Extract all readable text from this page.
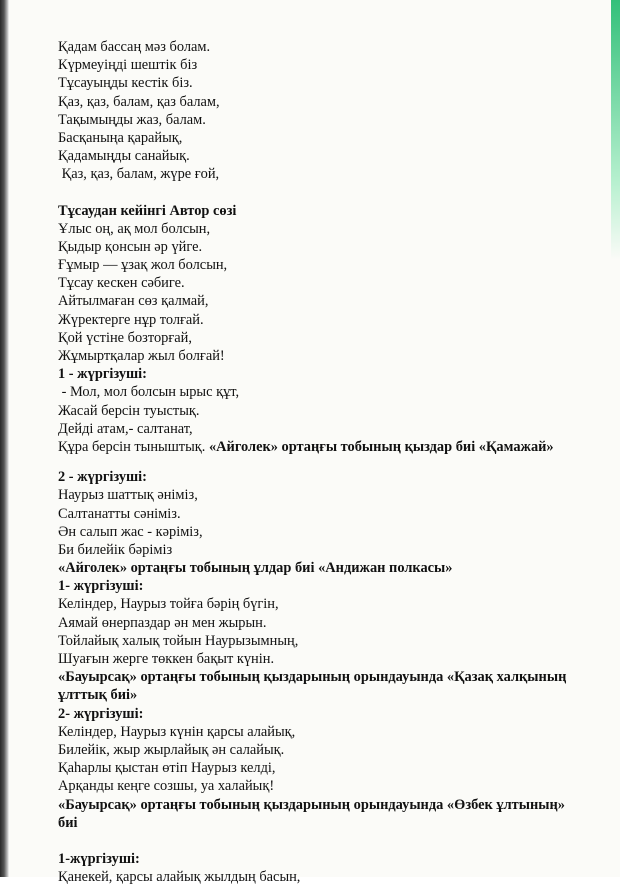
Қадам бассаң мәз болам.
Күрмеуіңді шештік біз
Тұсауыңды кестік біз.
Қаз, қаз, балам, қаз балам,
Тақымыңды жаз, балам.
Басқаныңа қарайық,
Қадамыңды санайық.
Қаз, қаз, балам, жүре ғой,
Тұсаудан кейінгі Автор сөзі
Ұлыс оң, ақ мол болсын,
Қыдыр қонсын әр үйге.
Ғұмыр — ұзақ жол болсын,
Тұсау кескен сәбиге.
Айтылмаған сөз қалмай,
Жүректерге нұр толғай.
Қой үстіне бозторғай,
Жұмыртқалар жыл болғай!
1 - жүргізуші:
- Мол, мол болсын ырыс құт,
Жасай берсін туыстық.
Дейді атам,- салтанат,
Құра берсін тыныштық. «Айголек» ортаңғы тобының қыздар биі «Қамажай»
2 - жүргізуші:
Наурыз шаттық әніміз,
Салтанатты сәніміз.
Ән салып жас - кәріміз,
Би билейік бәріміз
«Айголек» ортаңғы тобының ұлдар биі «Андижан полкасы»
1- жүргізуші:
Келіндер, Наурыз тойға бәрің бүгін,
Аямай өнерпаздар ән мен жырын.
Тойлайық халық тойын Наурызымның,
Шуағын жерге төккен бақыт күнін.
«Бауырсақ» ортаңғы тобының қыздарының орындауында «Қазақ халқының ұлттық биі»
2- жүргізуші:
Келіндер, Наурыз күнін қарсы алайық,
Билейік, жыр жырлайық ән салайық.
Қаһарлы қыстан өтіп Наурыз келді,
Арқанды кеңге созшы, уа халайық!
«Бауырсақ» ортаңғы тобының қыздарының орындауында «Өзбек ұлтының» биі
1-жүргізуші:
Қанекей, қарсы алайық жылдың басын,
